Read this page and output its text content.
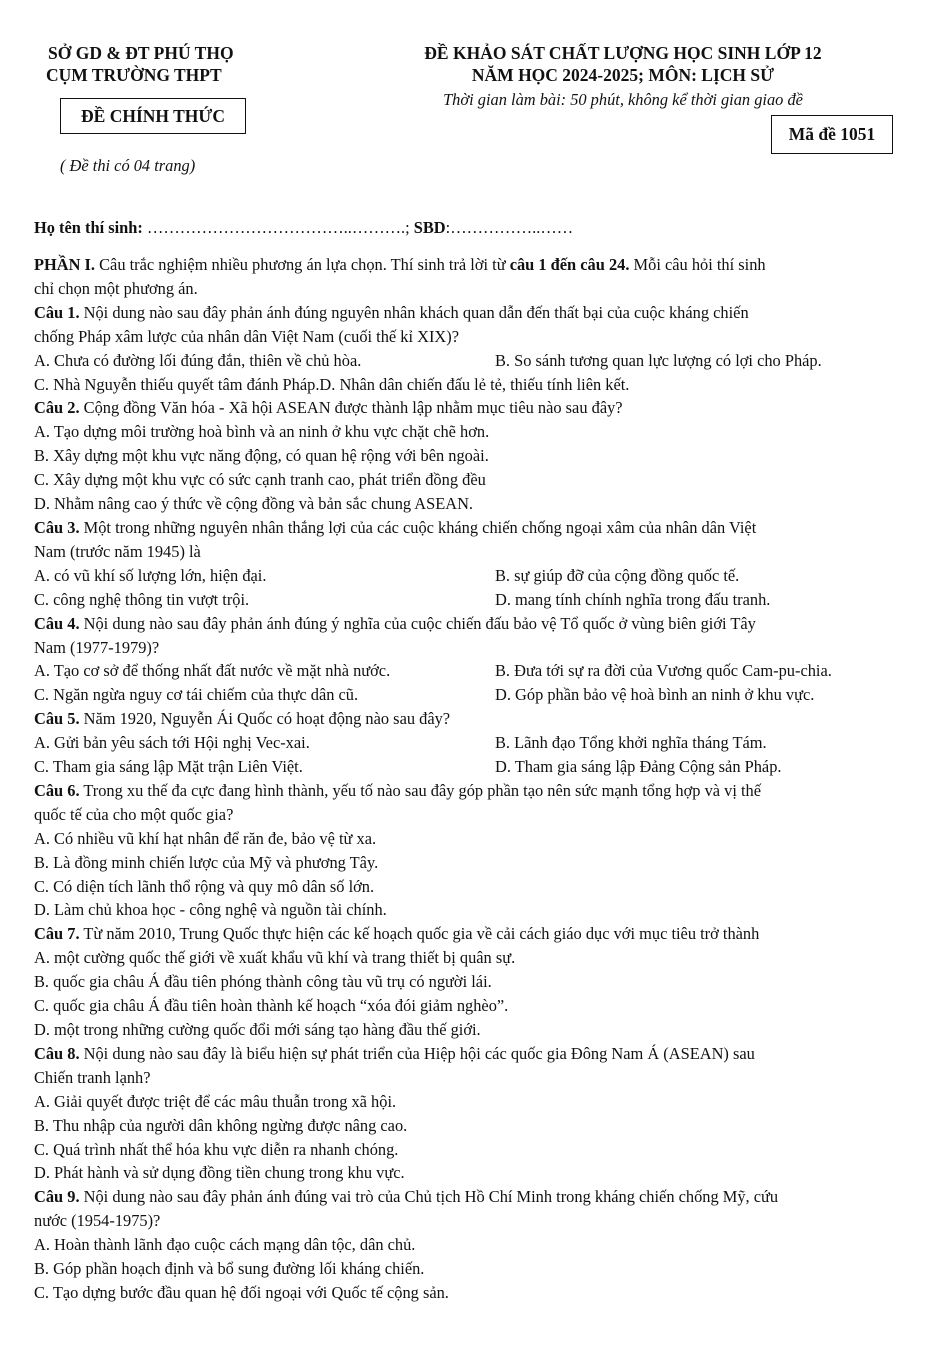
SỞ GD & ĐT PHÚ THỌ
CỤM TRƯỜNG THPT
ĐỀ CHÍNH THỨC
( Đề thi có 04 trang)
ĐỀ KHẢO SÁT CHẤT LƯỢNG HỌC SINH LỚP 12
NĂM HỌC 2024-2025; MÔN: LỊCH SỬ
Thời gian làm bài: 50 phút, không kể thời gian giao đề
Mã đề 1051
Họ tên thí sinh: ………………………………..……….; SBD:……………..……
PHẦN I. Câu trắc nghiệm nhiều phương án lựa chọn. Thí sinh trả lời từ câu 1 đến câu 24. Mỗi câu hỏi thí sinh
chỉ chọn một phương án.
Câu 1. Nội dung nào sau đây phản ánh đúng nguyên nhân khách quan dẫn đến thất bại của cuộc kháng chiến
chống Pháp xâm lược của nhân dân Việt Nam (cuối thế kỉ XIX)?
A. Chưa có đường lối đúng đắn, thiên về chủ hòa.	B. So sánh tương quan lực lượng có lợi cho Pháp.
C. Nhà Nguyễn thiếu quyết tâm đánh Pháp.D. Nhân dân chiến đấu lẻ tẻ, thiếu tính liên kết.
Câu 2. Cộng đồng Văn hóa - Xã hội ASEAN được thành lập nhằm mục tiêu nào sau đây?
A. Tạo dựng môi trường hoà bình và an ninh ở khu vực chặt chẽ hơn.
B. Xây dựng một khu vực năng động, có quan hệ rộng với bên ngoài.
C. Xây dựng một khu vực có sức cạnh tranh cao, phát triển đồng đều
D. Nhằm nâng cao ý thức về cộng đồng và bản sắc chung ASEAN.
Câu 3. Một trong những nguyên nhân thắng lợi của các cuộc kháng chiến chống ngoại xâm của nhân dân Việt
Nam (trước năm 1945) là
A. có vũ khí số lượng lớn, hiện đại.	B. sự giúp đỡ của cộng đồng quốc tế.
C. công nghệ thông tin vượt trội.	D. mang tính chính nghĩa trong đấu tranh.
Câu 4. Nội dung nào sau đây phản ánh đúng ý nghĩa của cuộc chiến đấu bảo vệ Tổ quốc ở vùng biên giới Tây
Nam (1977-1979)?
A. Tạo cơ sở để thống nhất đất nước về mặt nhà nước.	B. Đưa tới sự ra đời của Vương quốc Cam-pu-chia.
C. Ngăn ngừa nguy cơ tái chiếm của thực dân cũ.	D. Góp phần bảo vệ hoà bình an ninh ở khu vực.
Câu 5. Năm 1920, Nguyễn Ái Quốc có hoạt động nào sau đây?
A. Gửi bản yêu sách tới Hội nghị Vec-xai.	B. Lãnh đạo Tổng khởi nghĩa tháng Tám.
C. Tham gia sáng lập Mặt trận Liên Việt.	D. Tham gia sáng lập Đảng Cộng sản Pháp.
Câu 6. Trong xu thế đa cực đang hình thành, yếu tố nào sau đây góp phần tạo nên sức mạnh tổng hợp và vị thế
quốc tế của cho một quốc gia?
A. Có nhiều vũ khí hạt nhân để răn đe, bảo vệ từ xa.
B. Là đồng minh chiến lược của Mỹ và phương Tây.
C. Có diện tích lãnh thổ rộng và quy mô dân số lớn.
D. Làm chủ khoa học - công nghệ và nguồn tài chính.
Câu 7. Từ năm 2010, Trung Quốc thực hiện các kế hoạch quốc gia về cải cách giáo dục với mục tiêu trở thành
A. một cường quốc thế giới về xuất khẩu vũ khí và trang thiết bị quân sự.
B. quốc gia châu Á đầu tiên phóng thành công tàu vũ trụ có người lái.
C. quốc gia châu Á đầu tiên hoàn thành kế hoạch “xóa đói giảm nghèo”.
D. một trong những cường quốc đổi mới sáng tạo hàng đầu thế giới.
Câu 8. Nội dung nào sau đây là biểu hiện sự phát triển của Hiệp hội các quốc gia Đông Nam Á (ASEAN) sau
Chiến tranh lạnh?
A. Giải quyết được triệt để các mâu thuẫn trong xã hội.
B. Thu nhập của người dân không ngừng được nâng cao.
C. Quá trình nhất thể hóa khu vực diễn ra nhanh chóng.
D. Phát hành và sử dụng đồng tiền chung trong khu vực.
Câu 9. Nội dung nào sau đây phản ánh đúng vai trò của Chủ tịch Hồ Chí Minh trong kháng chiến chống Mỹ, cứu
nước (1954-1975)?
A. Hoàn thành lãnh đạo cuộc cách mạng dân tộc, dân chủ.
B. Góp phần hoạch định và bổ sung đường lối kháng chiến.
C. Tạo dựng bước đầu quan hệ đối ngoại với Quốc tế cộng sản.
